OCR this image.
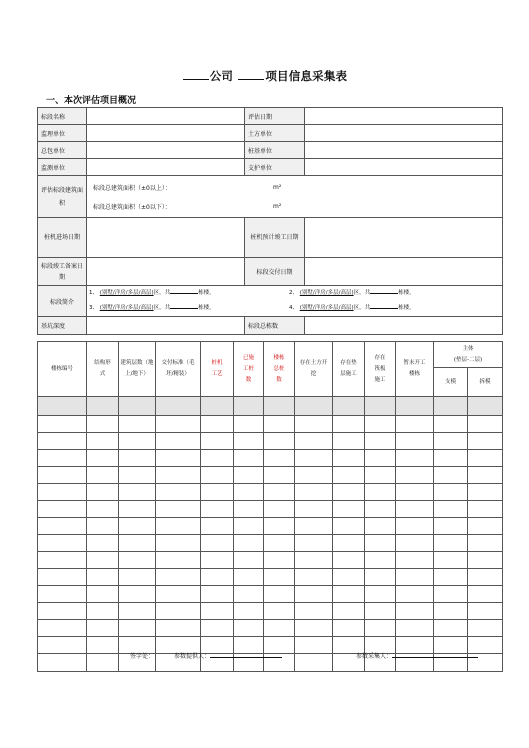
公司	项目信息采集表
一、本次评估项目概况
标段名称		评估日期	
监理单位		土方单位	
总包单位		桩基单位	
监测单位		支护单位	
评估标段建筑面积	标段总建筑面积（±0以上）： m²
标段总建筑面积（±0以下）： m²		

桩机进场日期		桩机预计竣工日期	
标段竣工备案日期		标段交付日期	
标段简介	1、 (别墅/洋房/多层/高层)区，共 栋楼， 2、 (别墅/洋房/多层/高层)区，共 栋楼，
3、 (别墅/洋房/多层/高层)区，共 栋楼， 4、 (别墅/洋房/多层/高层)区，共 栋楼，		

基坑深度		标段总栋数	
楼栋编号	结构形式	建筑层数（地上/地下）	交付标准（毛坯/精装）	桩机工艺	已施工桩数	楼栋总桩数	存在土方开挖	存在垫层施工	存在筏板施工	暂未开工楼栋	主体
(垫层-二层)	

											支模	拆模

签字处：	参数提供人：	参数采集人：
